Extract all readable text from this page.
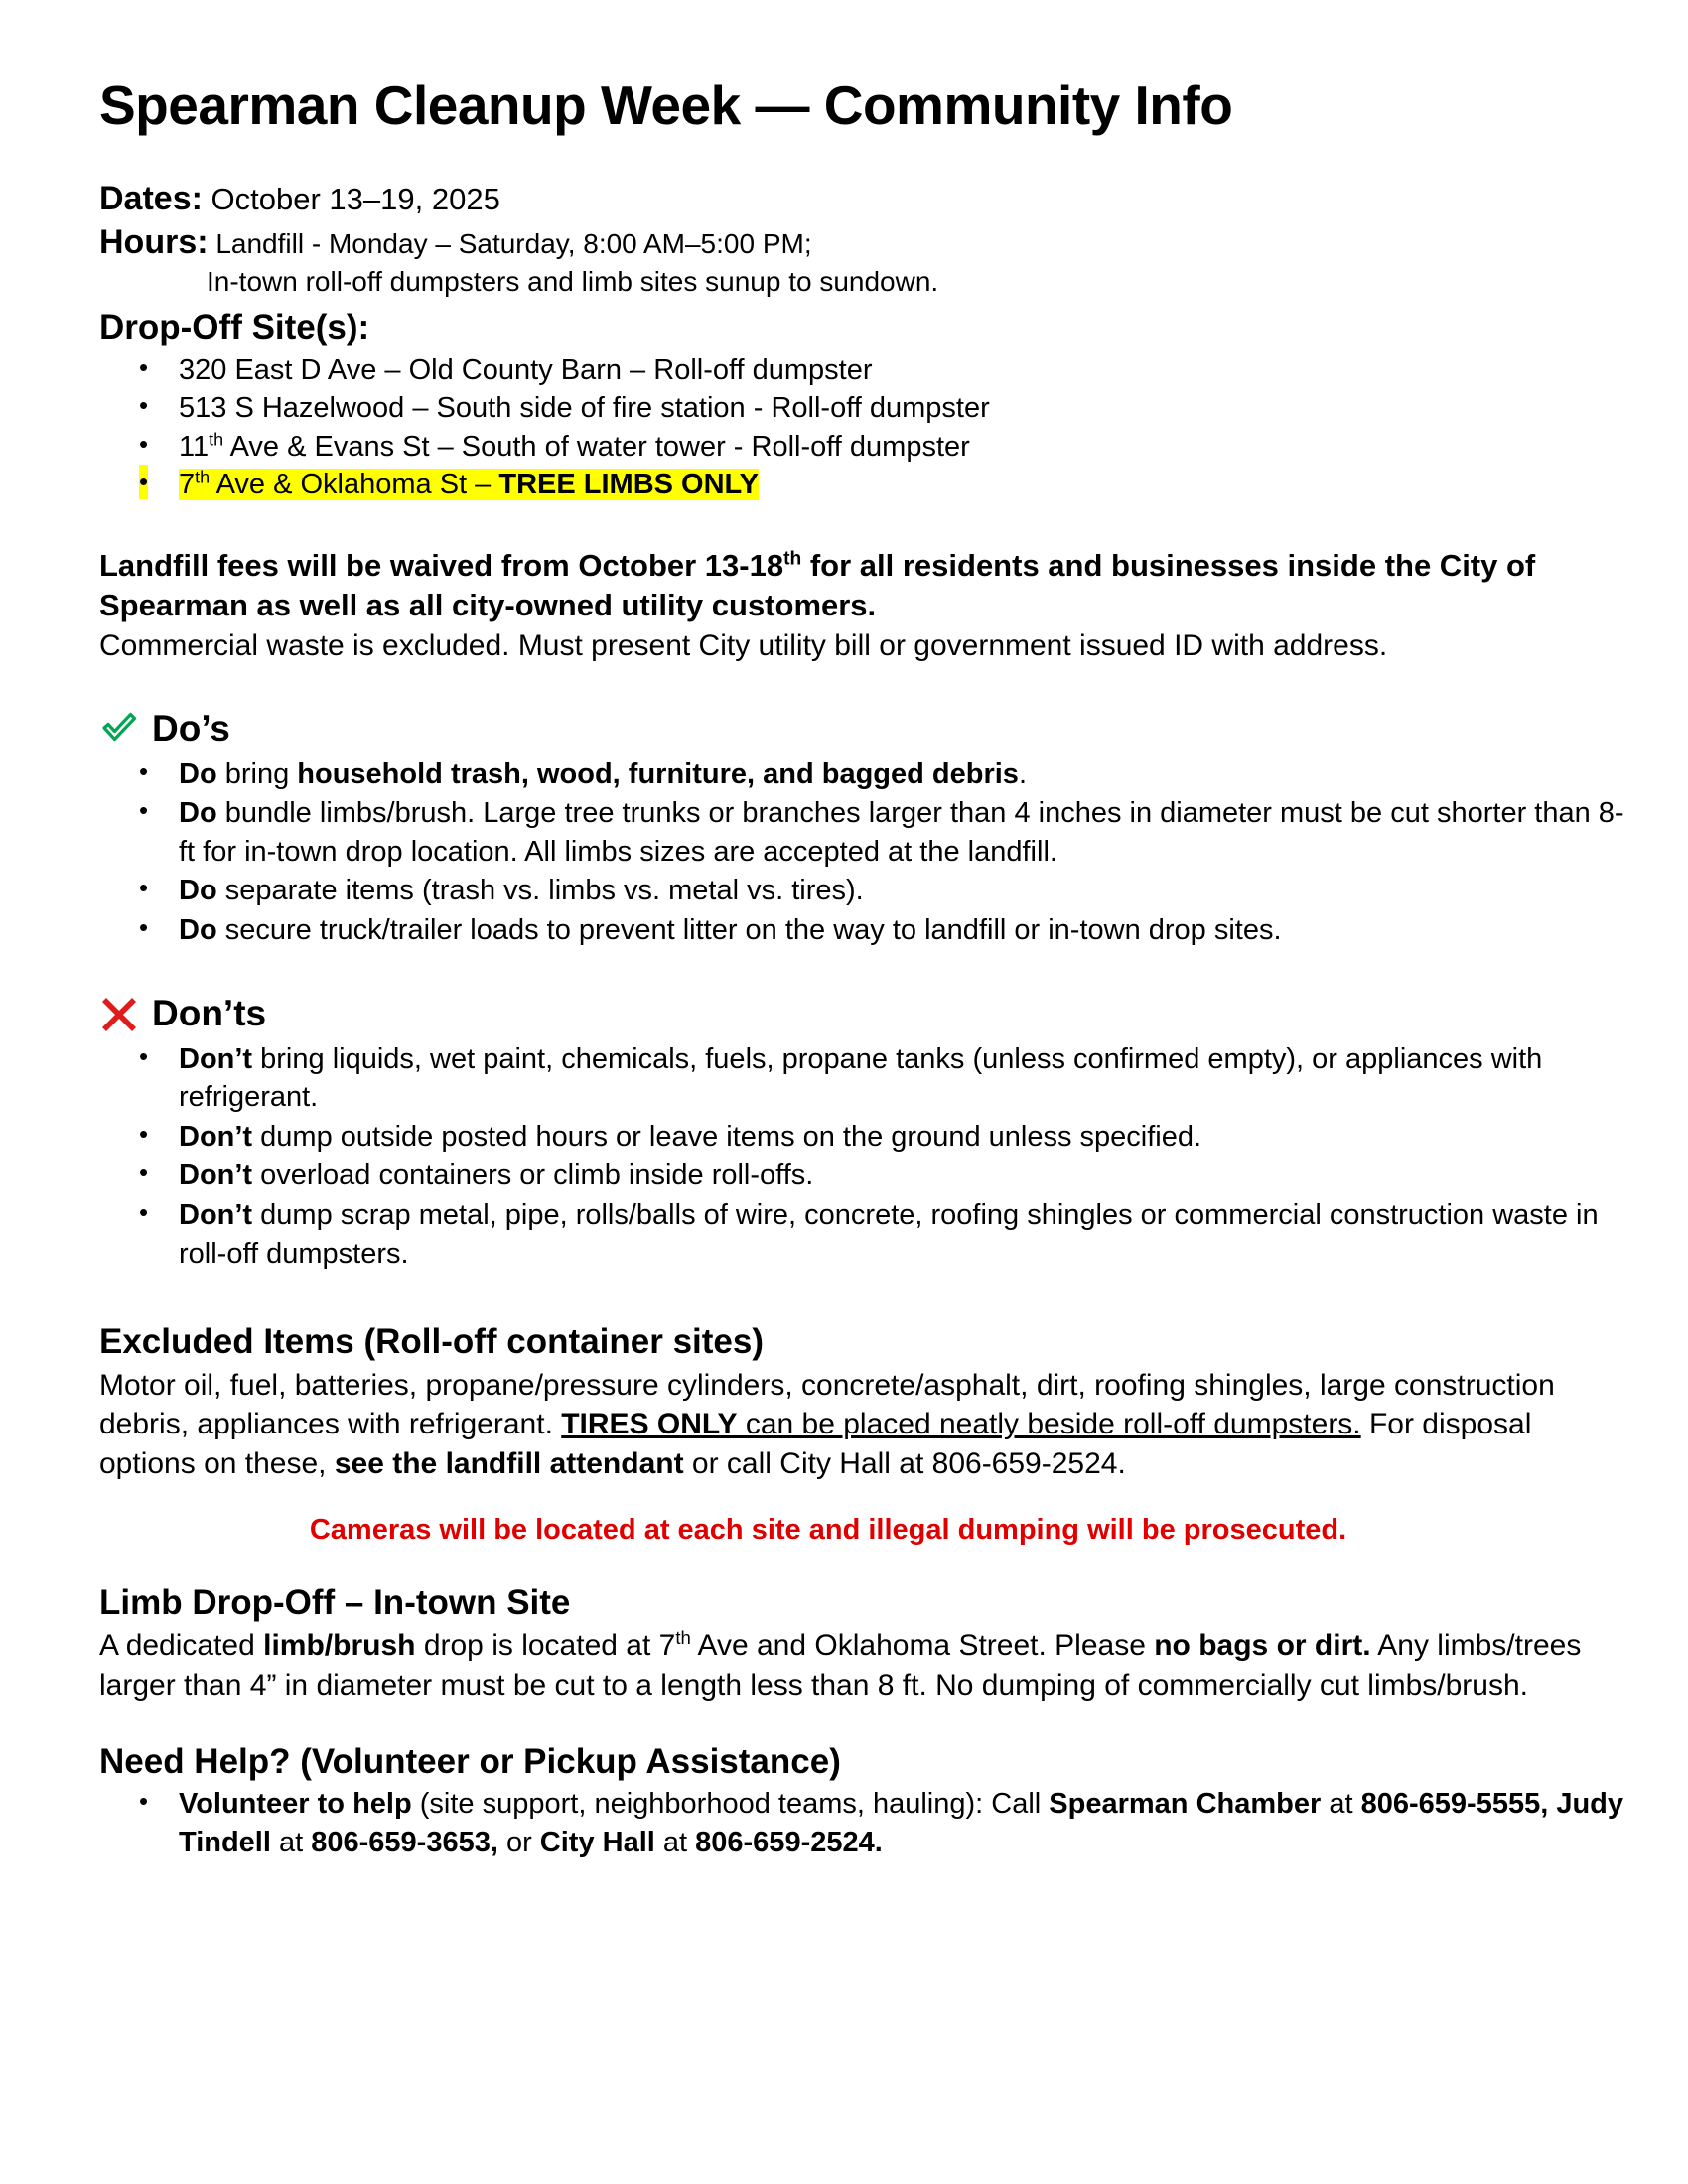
Spearman Cleanup Week — Community Info

Dates: October 13–19, 2025

Hours: Landfill - Monday – Saturday, 8:00 AM–5:00 PM;

In-town roll-off dumpsters and limb sites sunup to sundown.

Drop-Off Site(s):
• 320 East D Ave – Old County Barn – Roll-off dumpster
• 513 S Hazelwood – South side of fire station - Roll-off dumpster
• 11th Ave & Evans St – South of water tower - Roll-off dumpster
• 7th Ave & Oklahoma St – TREE LIMBS ONLY

Landfill fees will be waived from October 13-18th for all residents and businesses inside the City of Spearman as well as all city-owned utility customers.

Commercial waste is excluded. Must present City utility bill or government issued ID with address.

Do’s
• Do bring household trash, wood, furniture, and bagged debris.
• Do bundle limbs/brush. Large tree trunks or branches larger than 4 inches in diameter must be cut shorter than 8-ft for in-town drop location. All limbs sizes are accepted at the landfill.
• Do separate items (trash vs. limbs vs. metal vs. tires).
• Do secure truck/trailer loads to prevent litter on the way to landfill or in-town drop sites.
Don’ts
• Don’t bring liquids, wet paint, chemicals, fuels, propane tanks (unless confirmed empty), or appliances with refrigerant.
• Don’t dump outside posted hours or leave items on the ground unless specified.
• Don’t overload containers or climb inside roll-offs.
• Don’t dump scrap metal, pipe, rolls/balls of wire, concrete, roofing shingles or commercial construction waste in roll-off dumpsters.
Excluded Items (Roll-off container sites)

Motor oil, fuel, batteries, propane/pressure cylinders, concrete/asphalt, dirt, roofing shingles, large construction debris, appliances with refrigerant. TIRES ONLY can be placed neatly beside roll-off dumpsters. For disposal options on these, see the landfill attendant or call City Hall at 806-659-2524.

Cameras will be located at each site and illegal dumping will be prosecuted.

Limb Drop-Off – In-town Site

A dedicated limb/brush drop is located at 7th Ave and Oklahoma Street. Please no bags or dirt. Any limbs/trees larger than 4” in diameter must be cut to a length less than 8 ft. No dumping of commercially cut limbs/brush.

Need Help? (Volunteer or Pickup Assistance)
• Volunteer to help (site support, neighborhood teams, hauling): Call Spearman Chamber at 806-659-5555, Judy Tindell at 806-659-3653, or City Hall at 806-659-2524.
